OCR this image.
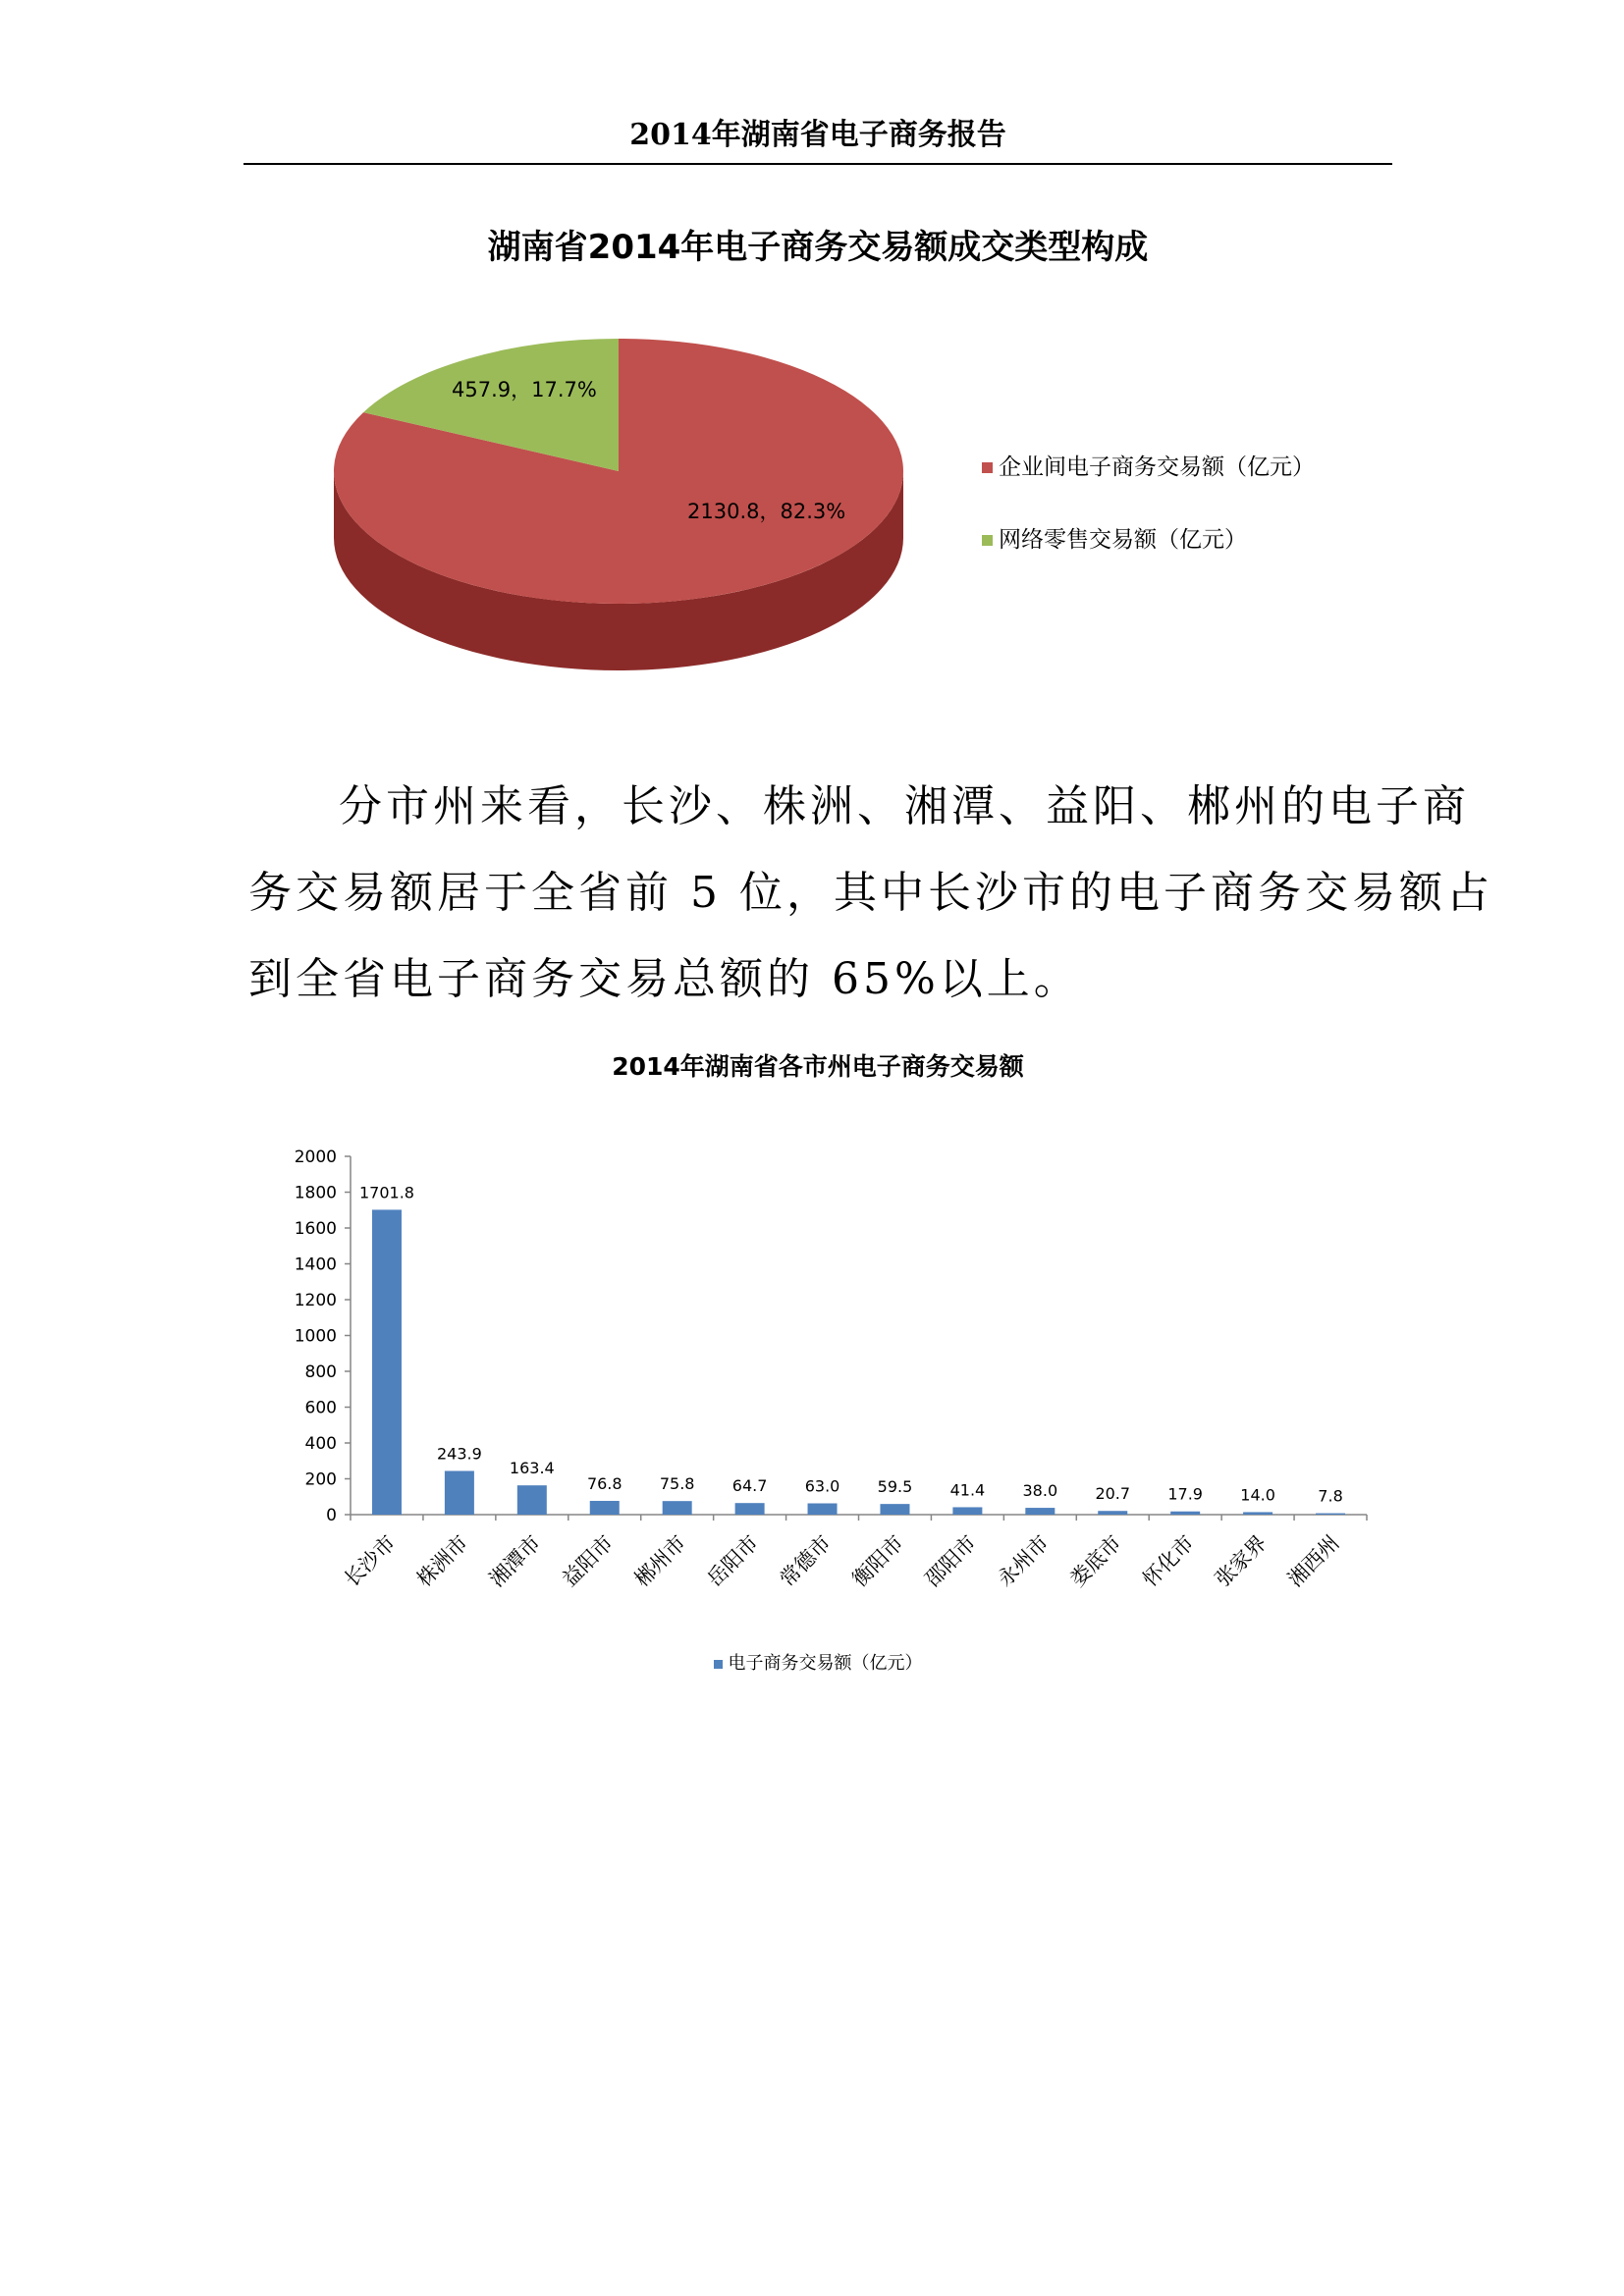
2014年湖南省电子商务报告
湖南省2014年电子商务交易额成交类型构成
2130.8，82.3%
457.9，17.7%
企业间电子商务交易额（亿元）
网络零售交易额（亿元）
分市州来看，长沙、株洲、湘潭、益阳、郴州的电子商
务交易额居于全省前 5 位，其中长沙市的电子商务交易额占
到全省电子商务交易总额的 65%以上。
2014年湖南省各市州电子商务交易额
0
200
400
600
800
1000
1200
1400
1600
1800
2000
1701.8
长沙市
243.9
株洲市
163.4
湘潭市
76.8
益阳市
75.8
郴州市
64.7
岳阳市
63.0
常德市
59.5
衡阳市
41.4
邵阳市
38.0
永州市
20.7
娄底市
17.9
怀化市
14.0
张家界
7.8
湘西州
电子商务交易额（亿元）
